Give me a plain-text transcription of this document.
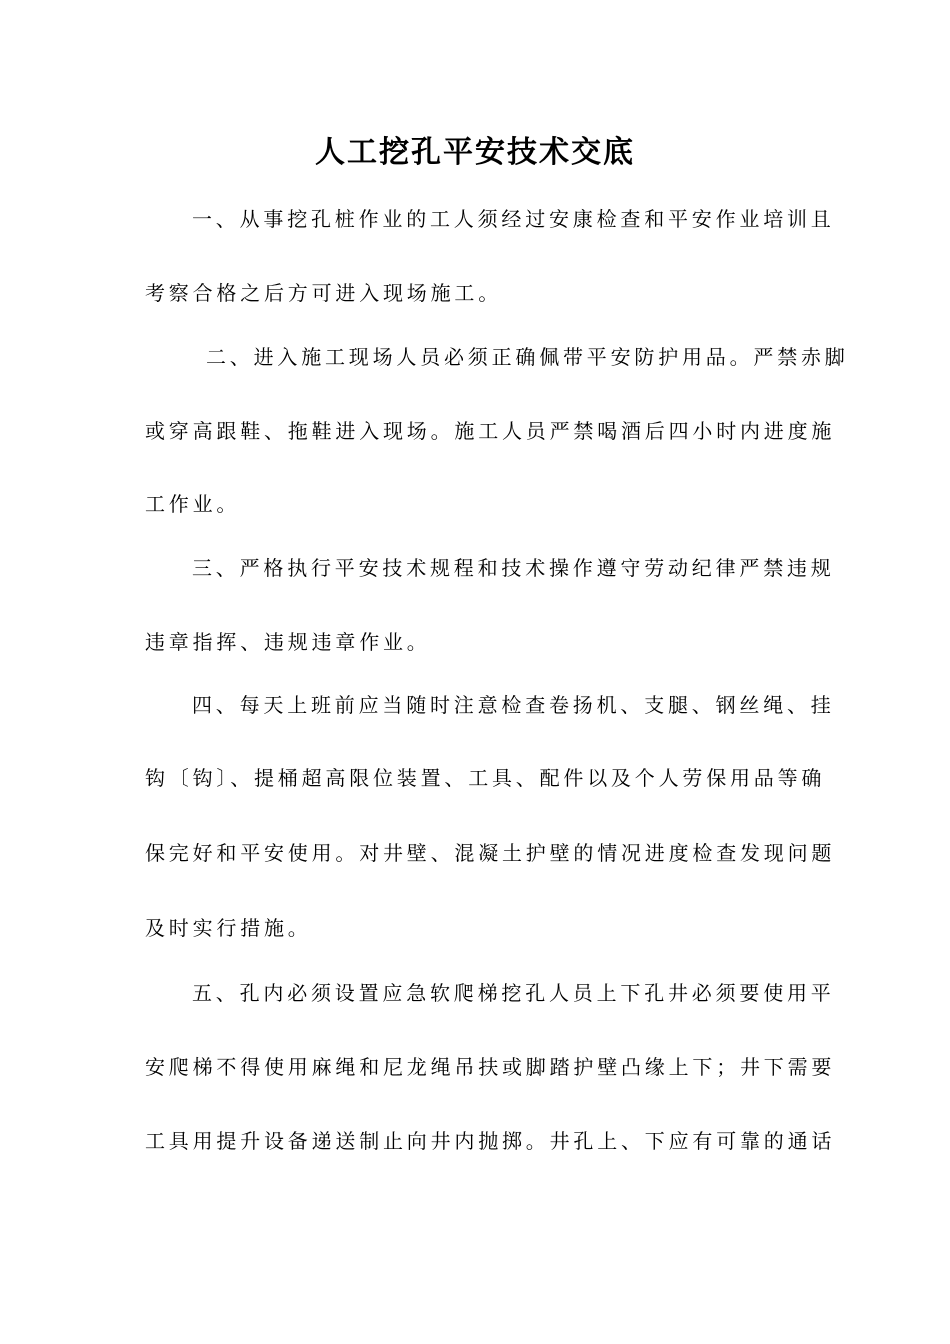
人工挖孔平安技术交底
一、从事挖孔桩作业的工人须经过安康检查和平安作业培训且
考察合格之后方可进入现场施工。
二、进入施工现场人员必须正确佩带平安防护用品。严禁赤脚
或穿高跟鞋、拖鞋进入现场。施工人员严禁喝酒后四小时内进度施
工作业。
三、严格执行平安技术规程和技术操作遵守劳动纪律严禁违规
违章指挥、违规违章作业。
四、每天上班前应当随时注意检查卷扬机、支腿、钢丝绳、挂
钩〔钩〕、提桶超高限位装置、工具、配件以及个人劳保用品等确
保完好和平安使用。对井壁、混凝土护壁的情况进度检查发现问题
及时实行措施。
五、孔内必须设置应急软爬梯挖孔人员上下孔井必须要使用平
安爬梯不得使用麻绳和尼龙绳吊扶或脚踏护壁凸缘上下；井下需要
工具用提升设备递送制止向井内抛掷。井孔上、下应有可靠的通话
